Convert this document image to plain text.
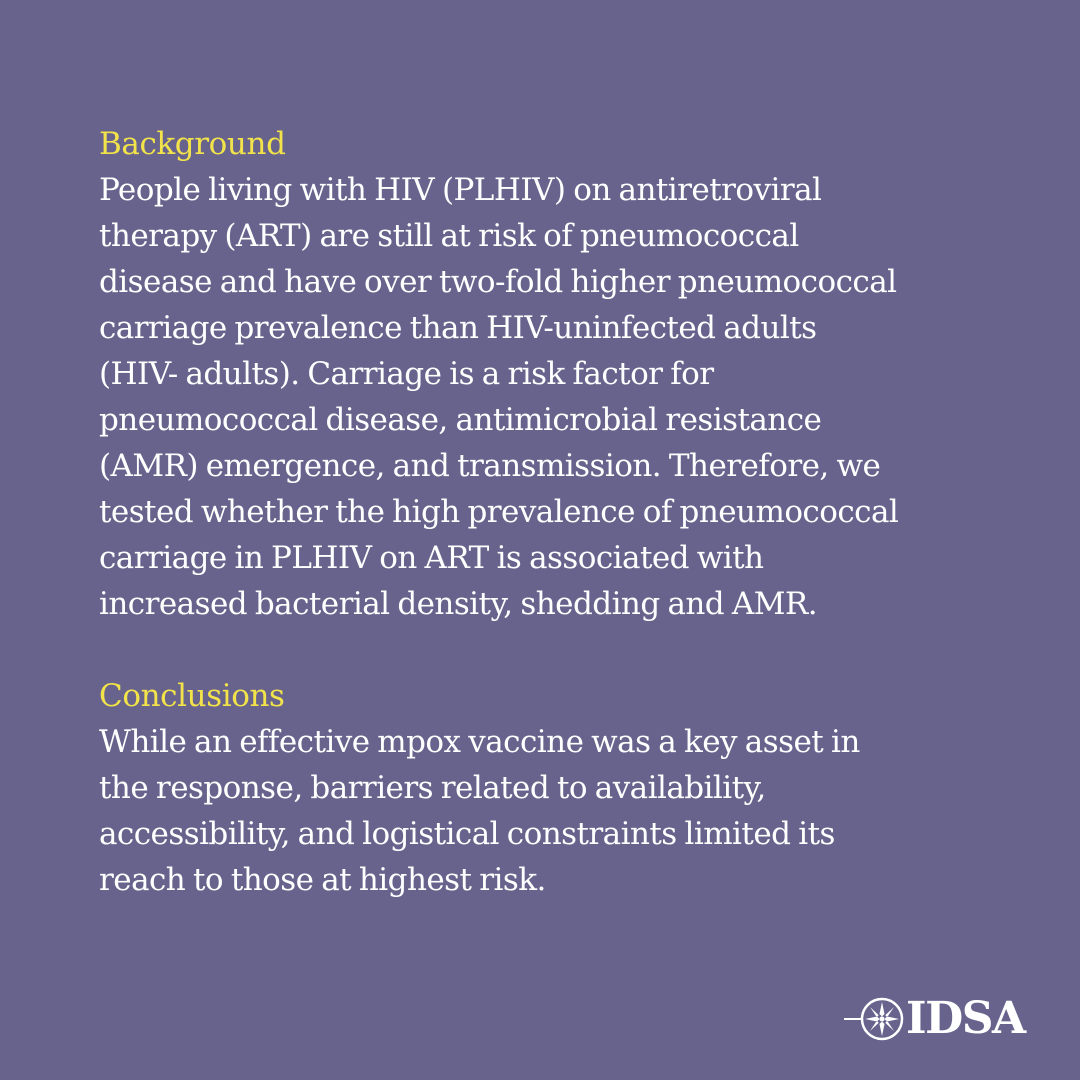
Background
People living with HIV (PLHIV) on antiretroviral
therapy (ART) are still at risk of pneumococcal
disease and have over two-fold higher pneumococcal
carriage prevalence than HIV-uninfected adults
(HIV- adults). Carriage is a risk factor for
pneumococcal disease, antimicrobial resistance
(AMR) emergence, and transmission. Therefore, we
tested whether the high prevalence of pneumococcal
carriage in PLHIV on ART is associated with
increased bacterial density, shedding and AMR.
Conclusions
While an effective mpox vaccine was a key asset in
the response, barriers related to availability,
accessibility, and logistical constraints limited its
reach to those at highest risk.
IDSA
